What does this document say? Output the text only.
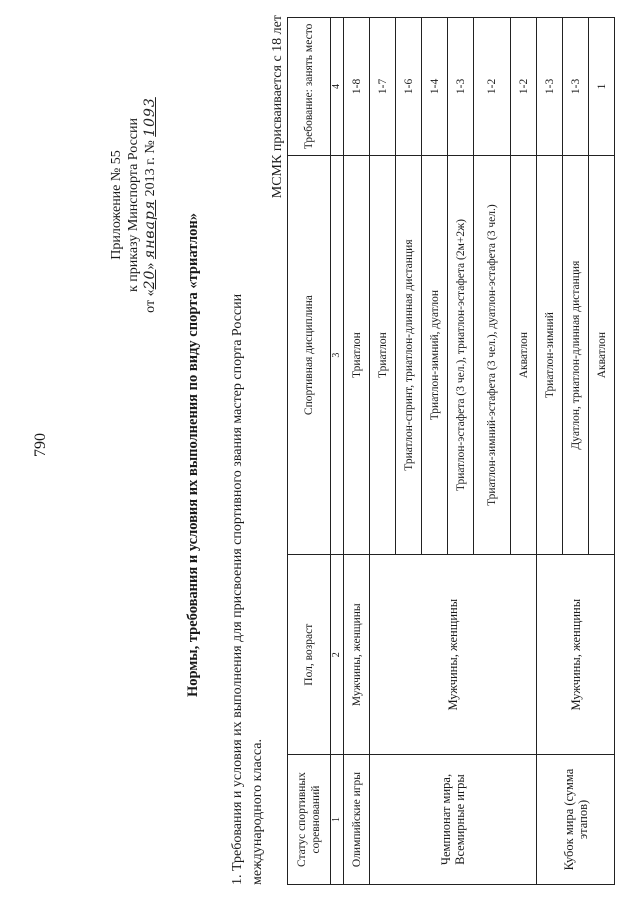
790
Приложение № 55 к приказу Минспорта России
от «20» января 2013 г. № 1093
Нормы, требования и условия их выполнения по виду спорта «триатлон» 1. Требования и условия их выполнения для присвоения спортивного звания мастер спорта России международного класса.
МСМК присваивается с 18 лет
Статус спортивных соревнований	Пол, возраст	Спортивная дисциплина	Требование: занять место
1	2	3	4
Олимпийские игры	Мужчины, женщины	Триатлон	1-8
Чемпионат мира, Всемирные игры	Мужчины, женщины	Триатлон	1-7
		Триатлон-спринт, триатлон-длинная дистанция	1-6
		Триатлон-зимний, дуатлон	1-4
		Триатлон-эстафета (3 чел.), триатлон-эстафета (2м+2ж)	1-3
		Триатлон-зимний-эстафета (3 чел.), дуатлон-эстафета (3 чел.)	1-2
		Акватлон	1-2
Кубок мира (сумма этапов)	Мужчины, женщины	Триатлон-зимний	1-3
		Дуатлон, триатлон-длинная дистанция	1-3
		Акватлон	1
